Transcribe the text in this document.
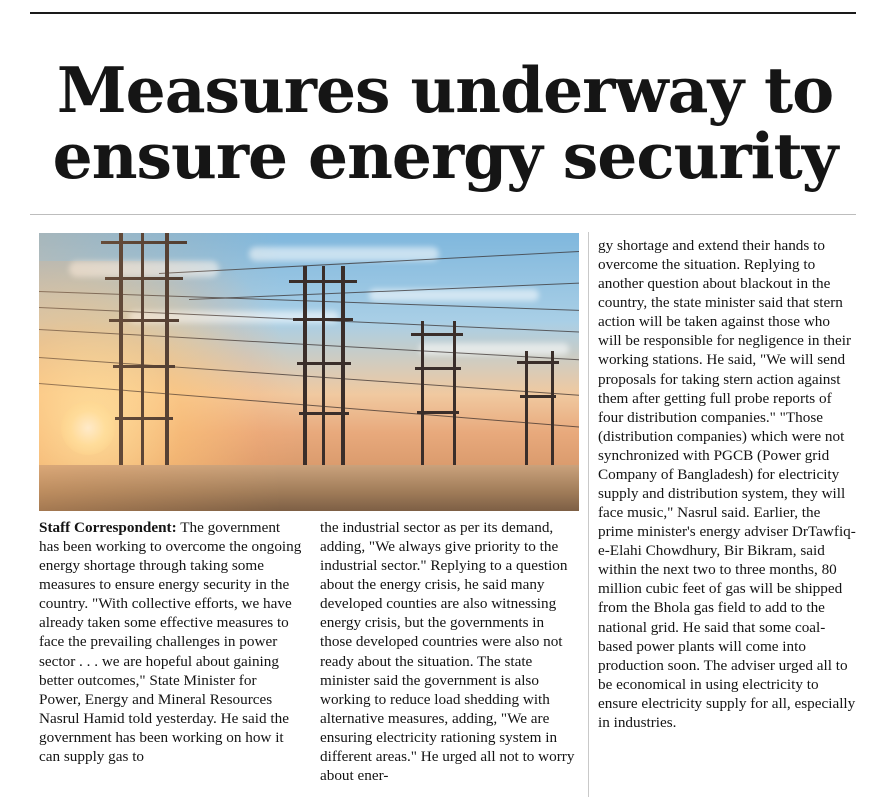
Measures underway to
ensure energy security

Staff Correspondent: The government has been working to overcome the ongoing energy shortage through taking some measures to ensure energy security in the country. "With collective efforts, we have already taken some effective measures to face the prevailing challenges in power sector . . . we are hopeful about gaining better outcomes," State Minister for Power, Energy and Mineral Resources Nasrul Hamid told yesterday. He said the government has been working on how it can supply gas to

the industrial sector as per its demand, adding, "We always give priority to the industrial sector." Replying to a question about the energy crisis, he said many developed counties are also witnessing energy crisis, but the governments in those developed countries were also not ready about the situation. The state minister said the government is also working to reduce load shedding with alternative measures, adding, "We are ensuring electricity rationing system in different areas." He urged all not to worry about ener-

gy shortage and extend their hands to overcome the situation. Replying to another question about blackout in the country, the state minister said that stern action will be taken against those who will be responsible for negligence in their working stations. He said, "We will send proposals for taking stern action against them after getting full probe reports of four distribution companies." "Those (distribution companies) which were not synchronized with PGCB (Power grid Company of Bangladesh) for electricity supply and distribution system, they will face music," Nasrul said. Earlier, the prime minister's energy adviser DrTawfiq-e-Elahi Chowdhury, Bir Bikram, said within the next two to three months, 80 million cubic feet of gas will be shipped from the Bhola gas field to add to the national grid. He said that some coal-based power plants will come into production soon. The adviser urged all to be economical in using electricity to ensure electricity supply for all, especially in industries.
